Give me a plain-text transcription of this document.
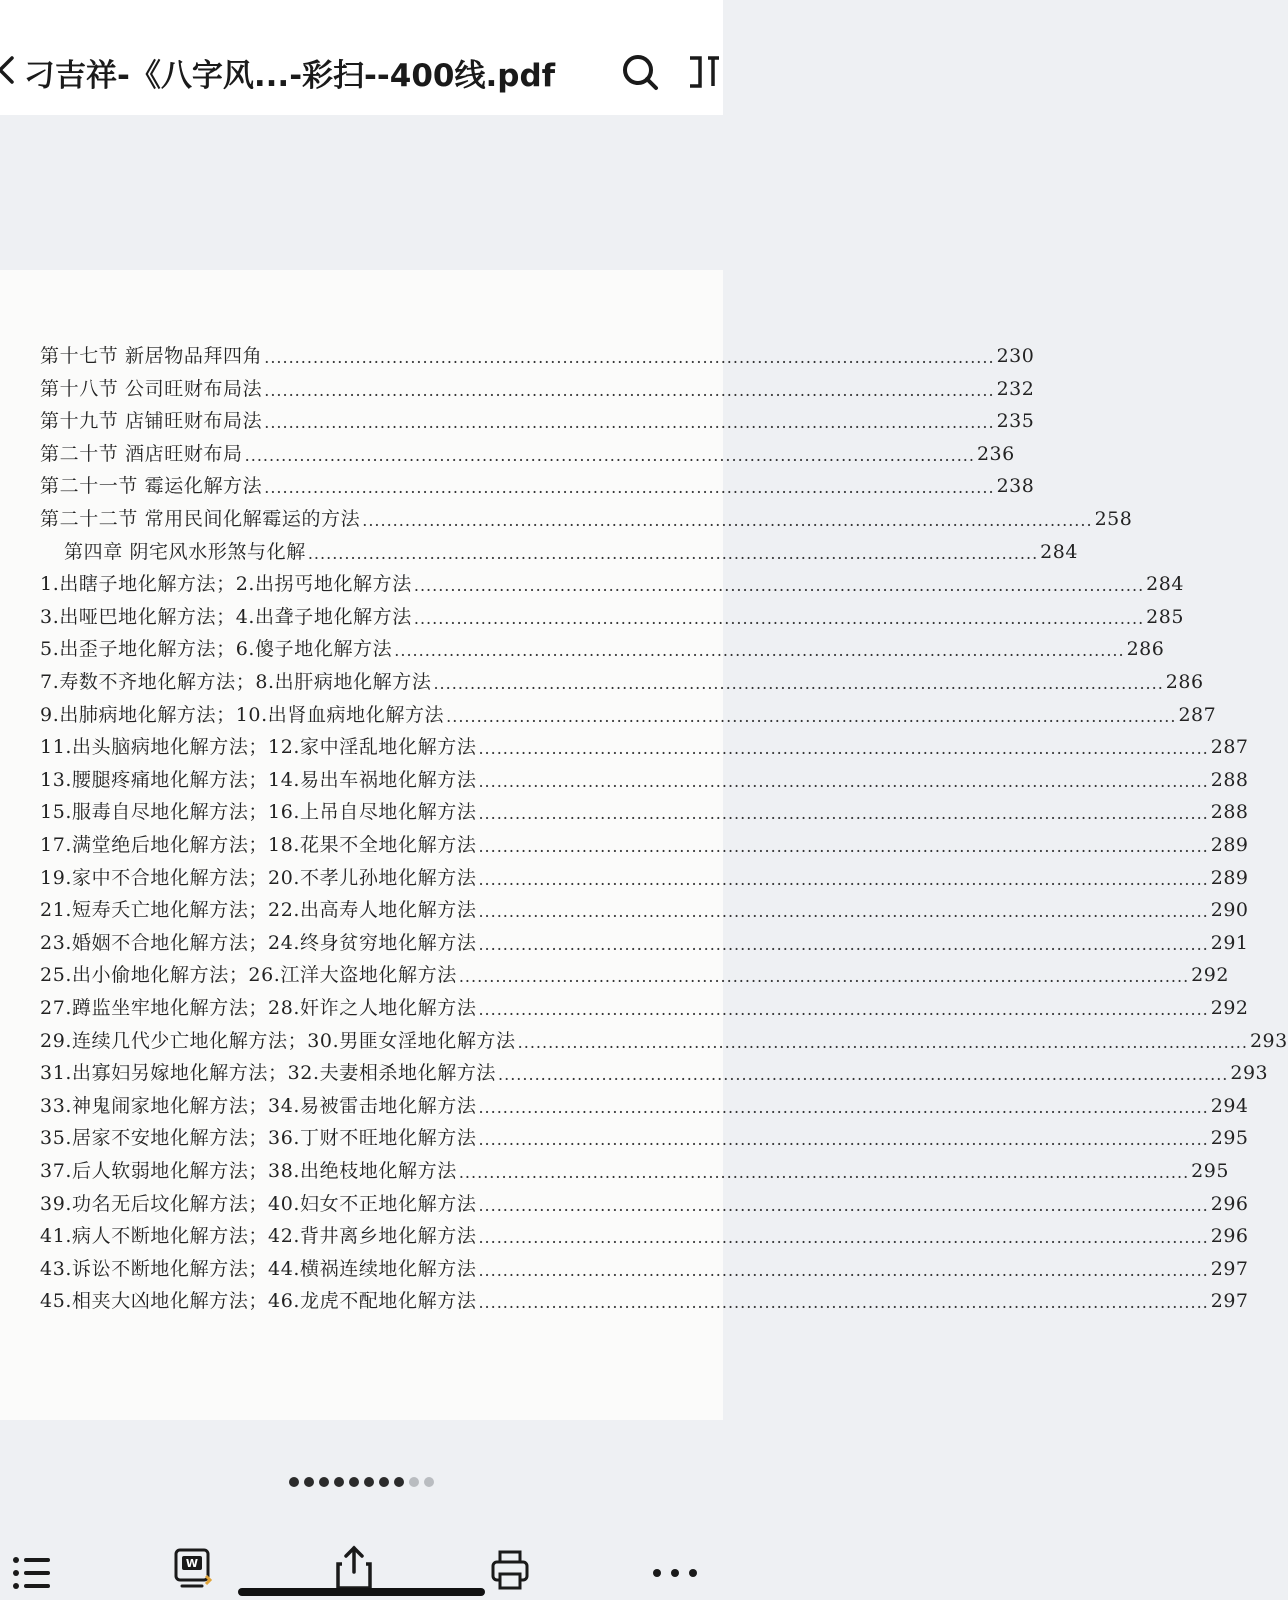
刁吉祥-《八字风...-彩扫--400线.pdf
第十七节 新居物品拜四角 ........................................................................................................................ 230
第十八节 公司旺财布局法 ........................................................................................................................ 232
第十九节 店铺旺财布局法 ........................................................................................................................ 235
第二十节 酒店旺财布局 ........................................................................................................................ 236
第二十一节 霉运化解方法 ........................................................................................................................ 238
第二十二节 常用民间化解霉运的方法 ........................................................................................................................ 258
第四章 阴宅风水形煞与化解 ........................................................................................................................ 284
1.出瞎子地化解方法；2.出拐丐地化解方法 ........................................................................................................................ 284
3.出哑巴地化解方法；4.出聋子地化解方法 ........................................................................................................................ 285
5.出歪子地化解方法；6.傻子地化解方法 ........................................................................................................................ 286
7.寿数不齐地化解方法；8.出肝病地化解方法 ........................................................................................................................ 286
9.出肺病地化解方法；10.出肾血病地化解方法 ........................................................................................................................ 287
11.出头脑病地化解方法；12.家中淫乱地化解方法 ........................................................................................................................ 287
13.腰腿疼痛地化解方法；14.易出车祸地化解方法 ........................................................................................................................ 288
15.服毒自尽地化解方法；16.上吊自尽地化解方法 ........................................................................................................................ 288
17.满堂绝后地化解方法；18.花果不全地化解方法 ........................................................................................................................ 289
19.家中不合地化解方法；20.不孝儿孙地化解方法 ........................................................................................................................ 289
21.短寿夭亡地化解方法；22.出高寿人地化解方法 ........................................................................................................................ 290
23.婚姻不合地化解方法；24.终身贫穷地化解方法 ........................................................................................................................ 291
25.出小偷地化解方法；26.江洋大盗地化解方法 ........................................................................................................................ 292
27.蹲监坐牢地化解方法；28.奸诈之人地化解方法 ........................................................................................................................ 292
29.连续几代少亡地化解方法；30.男匪女淫地化解方法 ........................................................................................................................ 293
31.出寡妇另嫁地化解方法；32.夫妻相杀地化解方法 ........................................................................................................................ 293
33.神鬼闹家地化解方法；34.易被雷击地化解方法 ........................................................................................................................ 294
35.居家不安地化解方法；36.丁财不旺地化解方法 ........................................................................................................................ 295
37.后人软弱地化解方法；38.出绝枝地化解方法 ........................................................................................................................ 295
39.功名无后坟化解方法；40.妇女不正地化解方法 ........................................................................................................................ 296
41.病人不断地化解方法；42.背井离乡地化解方法 ........................................................................................................................ 296
43.诉讼不断地化解方法；44.横祸连续地化解方法 ........................................................................................................................ 297
45.相夹大凶地化解方法；46.龙虎不配地化解方法 ........................................................................................................................ 297
W
